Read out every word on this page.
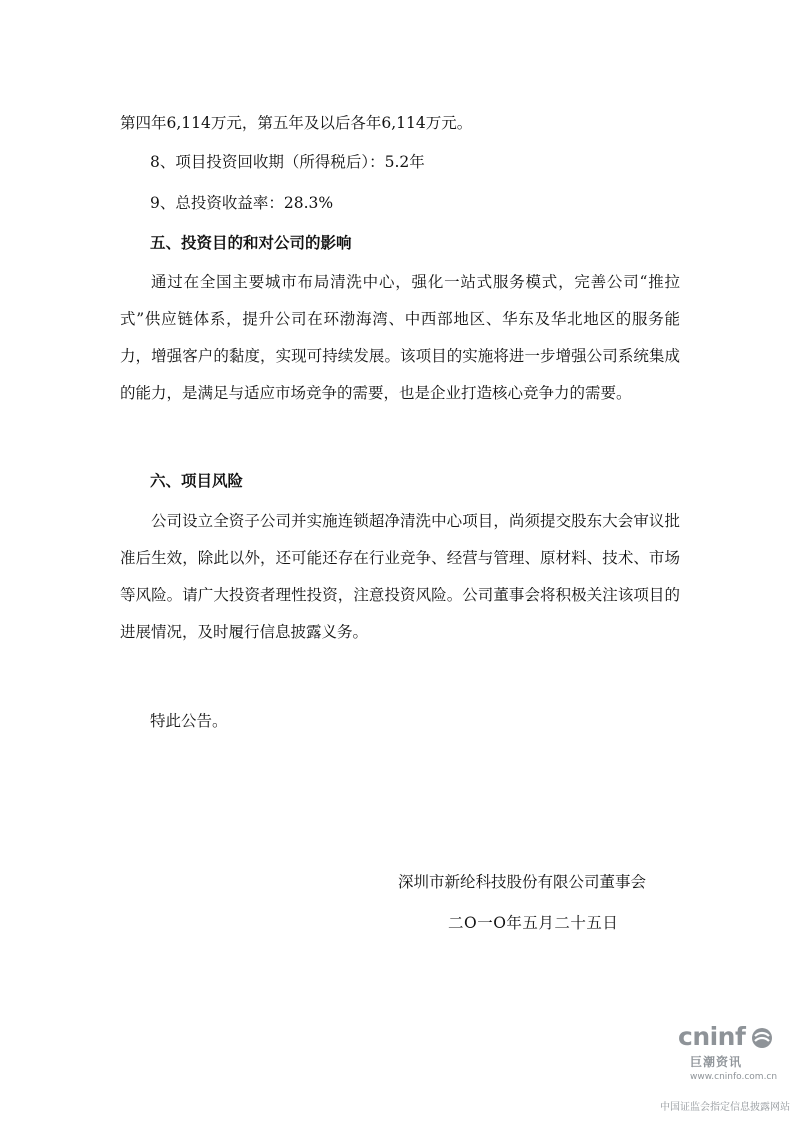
第四年6,114万元，第五年及以后各年6,114万元。
8、项目投资回收期（所得税后）：5.2年
9、总投资收益率：28.3%
五、投资目的和对公司的影响

通过在全国主要城市布局清洗中心，强化一站式服务模式，完善公司“推拉式”供应链体系，提升公司在环渤海湾、中西部地区、华东及华北地区的服务能力，增强客户的黏度，实现可持续发展。该项目的实施将进一步增强公司系统集成的能力，是满足与适应市场竞争的需要，也是企业打造核心竞争力的需要。

六、项目风险

公司设立全资子公司并实施连锁超净清洗中心项目，尚须提交股东大会审议批准后生效，除此以外，还可能还存在行业竞争、经营与管理、原材料、技术、市场等风险。请广大投资者理性投资，注意投资风险。公司董事会将积极关注该项目的进展情况，及时履行信息披露义务。

特此公告。
深圳市新纶科技股份有限公司董事会
二O一O年五月二十五日
cninf
巨潮资讯
www.cninfo.com.cn
中国证监会指定信息披露网站
